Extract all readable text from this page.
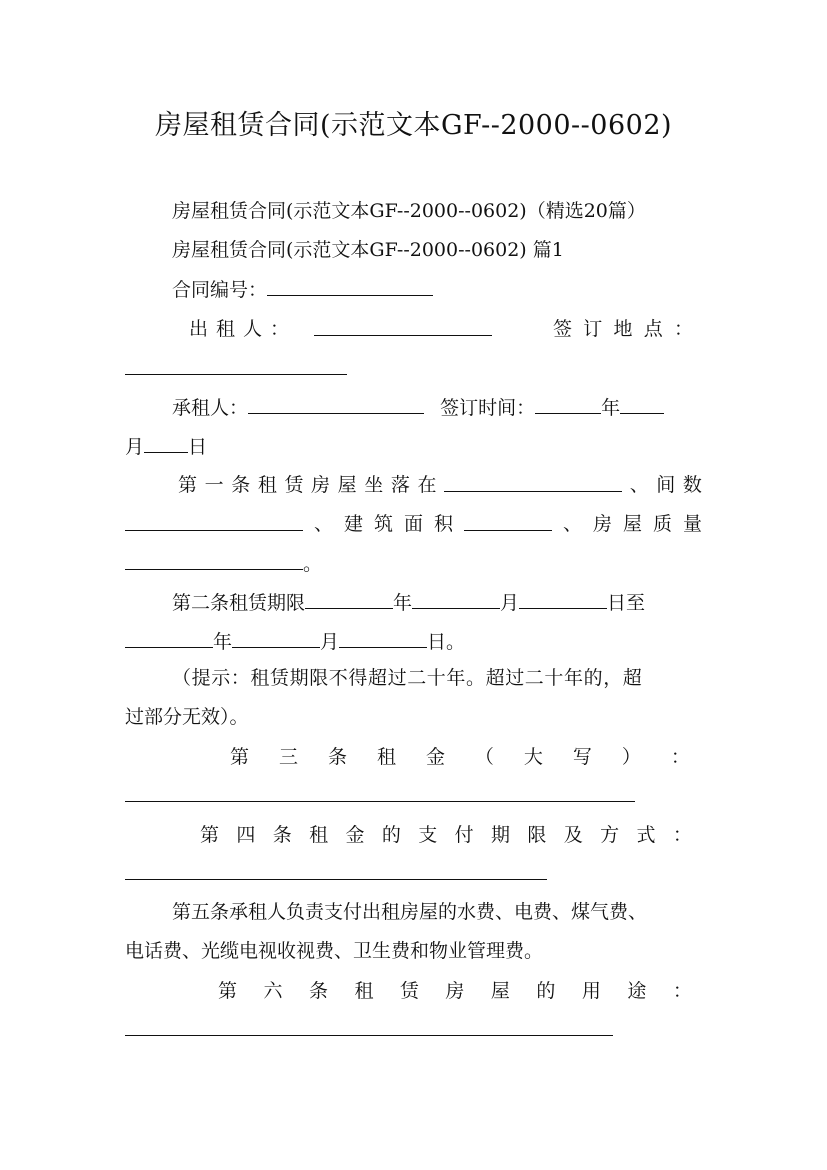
房屋租赁合同(示范文本GF--2000--0602)
房屋租赁合同(示范文本GF--2000--0602)（精选20篇）
房屋租赁合同(示范文本GF--2000--0602) 篇1
合同编号：
出 租 人 ：	签 订 地 点 ：
承租人：	签订时间：	年
月 日
第 一 条 租 赁 房 屋 坐 落 在	、 间 数
、 建 筑 面 积	、 房 屋 质 量
。
第二条租赁期限	年	月	日至
年	月	日。
（提示：租赁期限不得超过二十年。超过二十年的，超
过部分无效）。
第 三 条 租 金 （ 大 写 ） ：
第 四 条 租 金 的 支 付 期 限 及 方 式 ：
第五条承租人负责支付出租房屋的水费、电费、煤气费、
电话费、光缆电视收视费、卫生费和物业管理费。
第 六 条 租 赁 房 屋 的 用 途 ：
